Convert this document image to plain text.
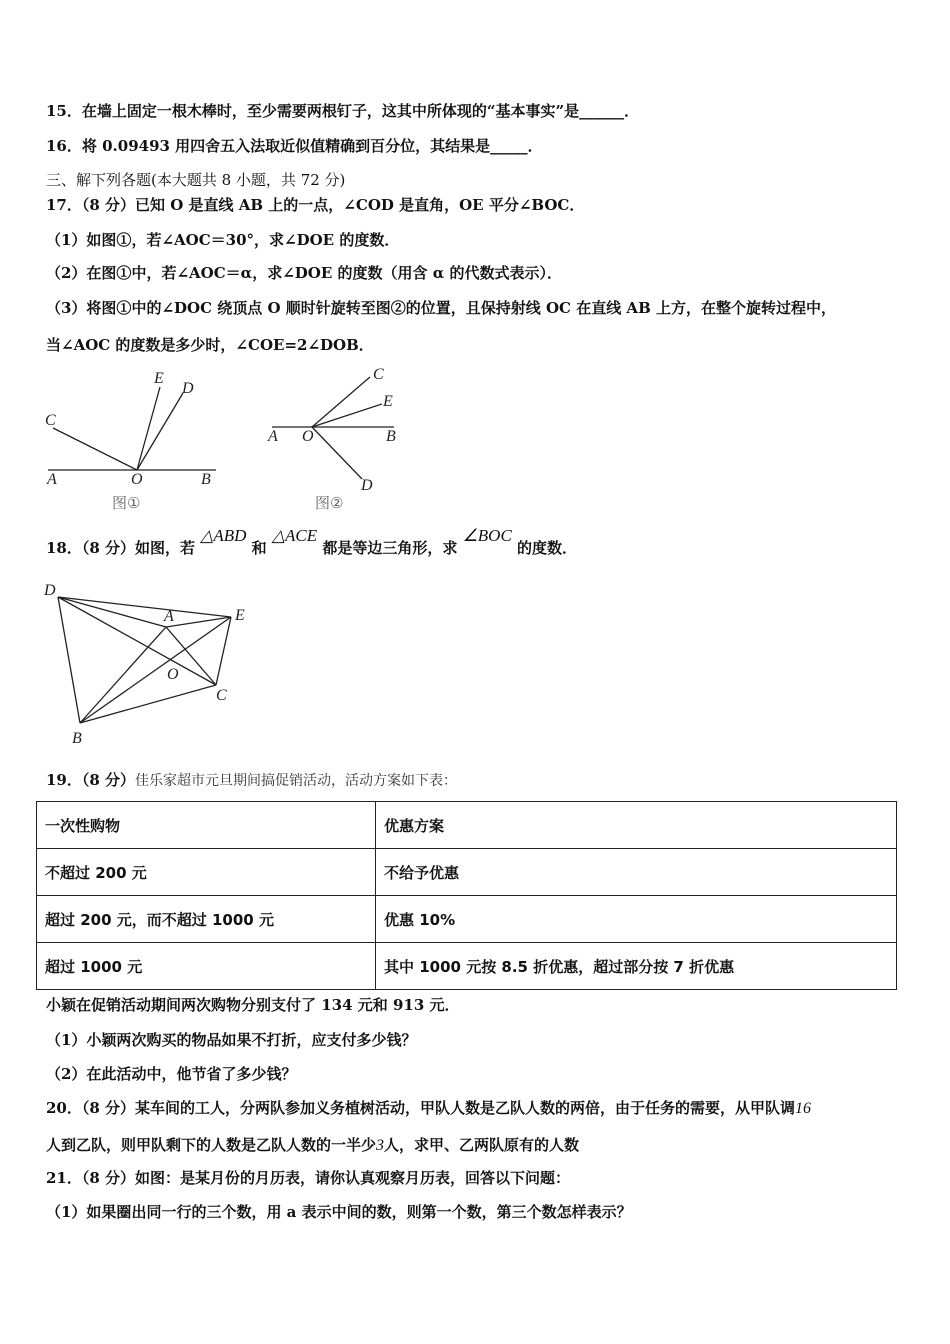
15．在墙上固定一根木棒时，至少需要两根钉子，这其中所体现的“基本事实”是______．
16．将 0.09493 用四舍五入法取近似值精确到百分位，其结果是_____．
三、解下列各题(本大题共 8 小题，共 72 分)
17．（8 分）已知 O 是直线 AB 上的一点，∠COD 是直角，OE 平分∠BOC．
（1）如图①，若∠AOC＝30°，求∠DOE 的度数．
（2）在图①中，若∠AOC＝α，求∠DOE 的度数（用含 α 的代数式表示）．
（3）将图①中的∠DOC 绕顶点 O 顺时针旋转至图②的位置，且保持射线 OC 在直线 AB 上方，在整个旋转过程中，
当∠AOC 的度数是多少时，∠COE=2∠DOB．
E
D
C
A	O	B
图①
C
E
A O	B
D
图②
18．（8 分）如图，若 △ABD 和 △ACE 都是等边三角形，求 ∠BOC 的度数．
D
A	E
O
C
B
19．（8 分）佳乐家超市元旦期间搞促销活动，活动方案如下表：
一次性购物	优惠方案
不超过 200 元	不给予优惠
超过 200 元，而不超过 1000 元	优惠 10%
超过 1000 元	其中 1000 元按 8.5 折优惠，超过部分按 7 折优惠
小颖在促销活动期间两次购物分别支付了 134 元和 913 元．
（1）小颖两次购买的物品如果不打折，应支付多少钱？
（2）在此活动中，他节省了多少钱？
20．（8 分）某车间的工人，分两队参加义务植树活动，甲队人数是乙队人数的两倍，由于任务的需要，从甲队调16
人到乙队，则甲队剩下的人数是乙队人数的一半少3人，求甲、乙两队原有的人数
21．（8 分）如图：是某月份的月历表，请你认真观察月历表，回答以下问题：
（1）如果圈出同一行的三个数，用 a 表示中间的数，则第一个数，第三个数怎样表示？
